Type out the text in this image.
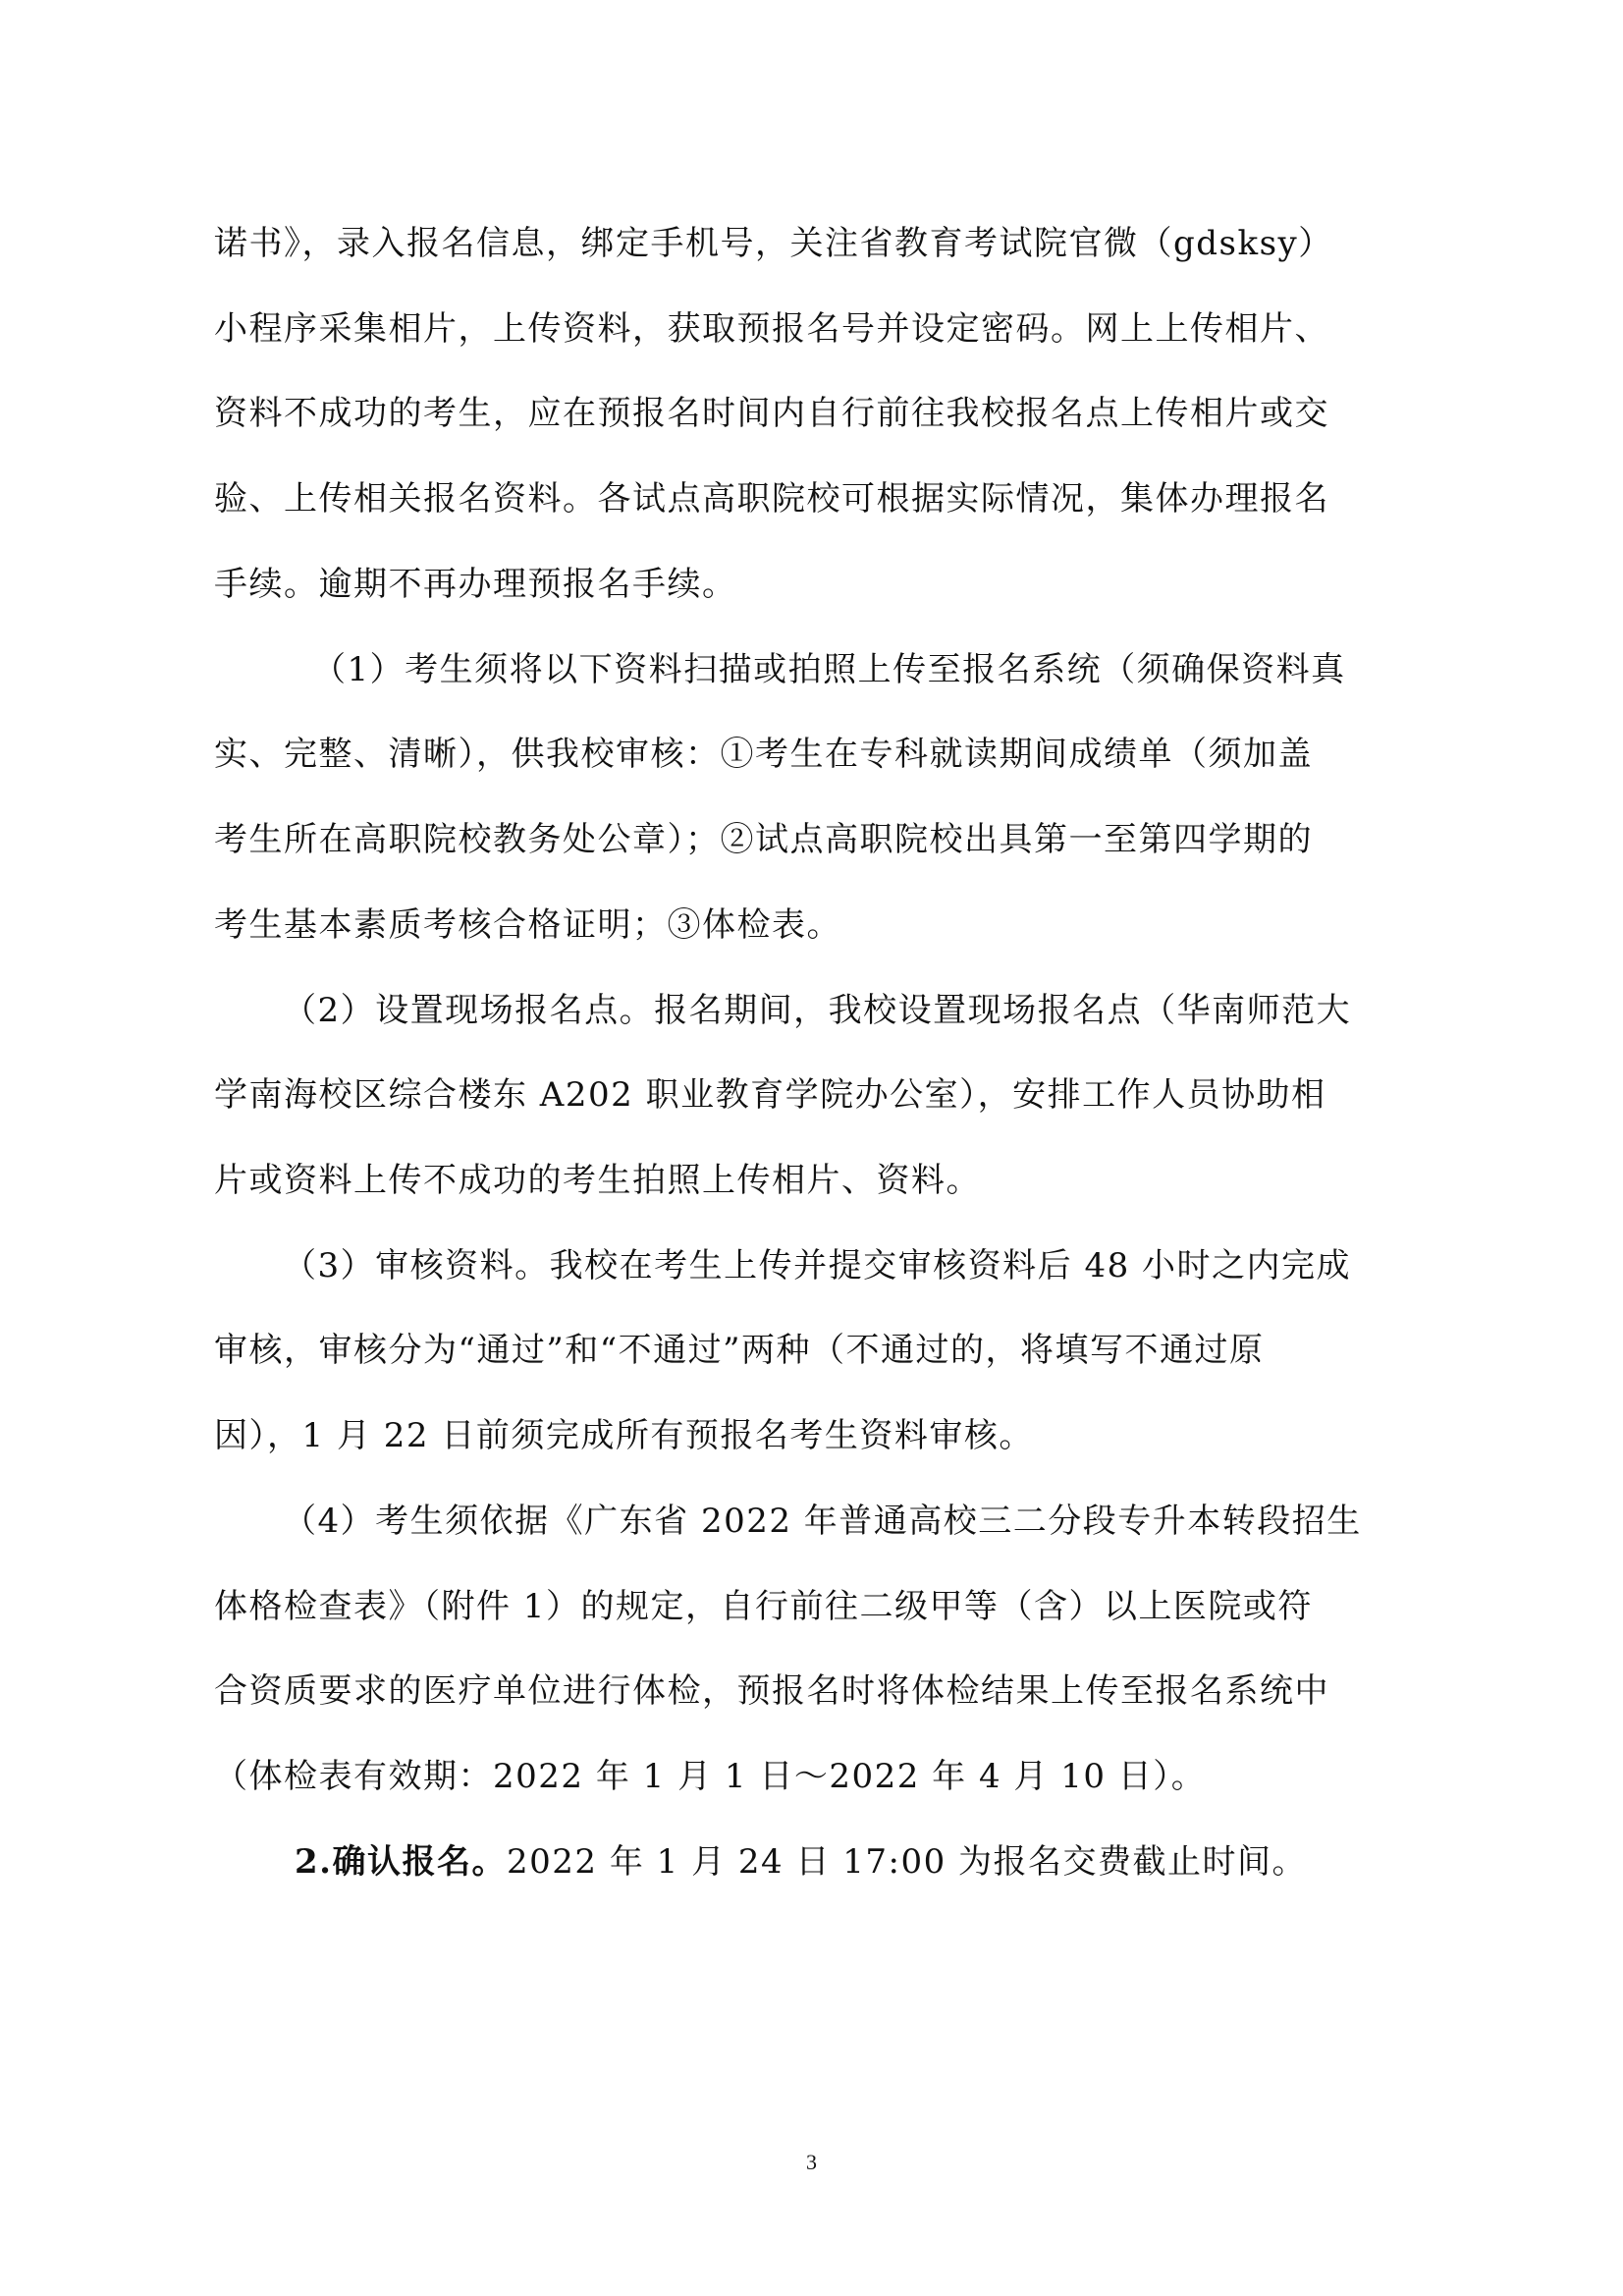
诺书》，录入报名信息，绑定手机号，关注省教育考试院官微（gdsksy）
小程序采集相片，上传资料，获取预报名号并设定密码。网上上传相片、
资料不成功的考生，应在预报名时间内自行前往我校报名点上传相片或交
验、上传相关报名资料。各试点高职院校可根据实际情况，集体办理报名
手续。逾期不再办理预报名手续。
（1）考生须将以下资料扫描或拍照上传至报名系统（须确保资料真
实、完整、清晰），供我校审核：①考生在专科就读期间成绩单（须加盖
考生所在高职院校教务处公章）；②试点高职院校出具第一至第四学期的
考生基本素质考核合格证明；③体检表。
（2）设置现场报名点。报名期间，我校设置现场报名点（华南师范大
学南海校区综合楼东 A202 职业教育学院办公室），安排工作人员协助相
片或资料上传不成功的考生拍照上传相片、资料。
（3）审核资料。我校在考生上传并提交审核资料后 48 小时之内完成
审核，审核分为“通过”和“不通过”两种（不通过的，将填写不通过原
因），1 月 22 日前须完成所有预报名考生资料审核。
（4）考生须依据《广东省 2022 年普通高校三二分段专升本转段招生
体格检查表》（附件 1）的规定，自行前往二级甲等（含）以上医院或符
合资质要求的医疗单位进行体检，预报名时将体检结果上传至报名系统中
（体检表有效期：2022 年 1 月 1 日～2022 年 4 月 10 日）。
2.确认报名。2022 年 1 月 24 日 17:00 为报名交费截止时间。
3
